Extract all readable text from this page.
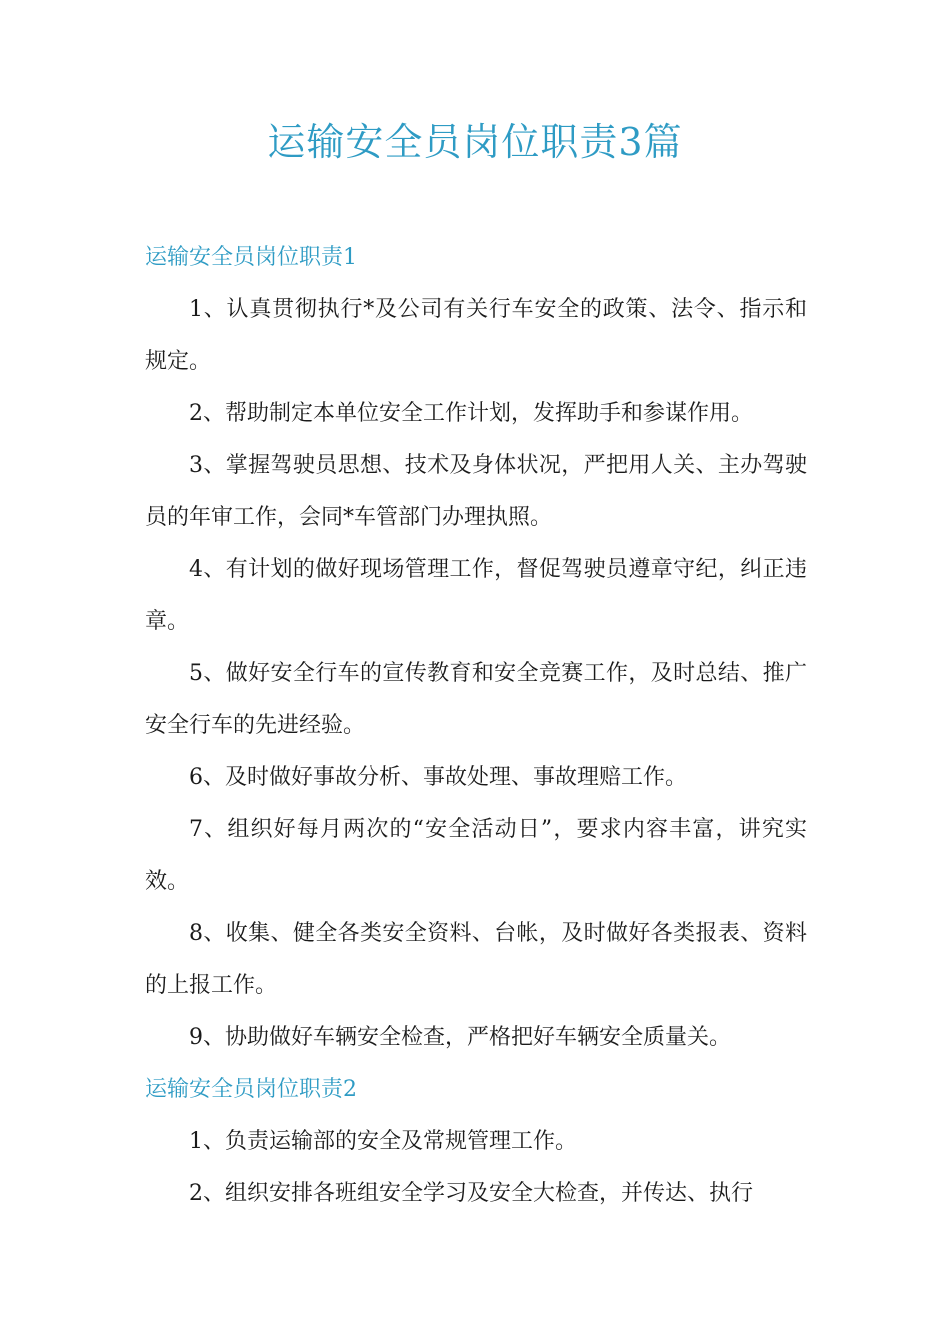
运输安全员岗位职责3篇

运输安全员岗位职责1

1、认真贯彻执行*及公司有关行车安全的政策、法令、指示和规定。

2、帮助制定本单位安全工作计划，发挥助手和参谋作用。

3、掌握驾驶员思想、技术及身体状况，严把用人关、主办驾驶员的年审工作，会同*车管部门办理执照。

4、有计划的做好现场管理工作，督促驾驶员遵章守纪，纠正违章。

5、做好安全行车的宣传教育和安全竞赛工作，及时总结、推广安全行车的先进经验。

6、及时做好事故分析、事故处理、事故理赔工作。

7、组织好每月两次的“安全活动日”，要求内容丰富，讲究实效。

8、收集、健全各类安全资料、台帐，及时做好各类报表、资料的上报工作。

9、协助做好车辆安全检查，严格把好车辆安全质量关。

运输安全员岗位职责2

1、负责运输部的安全及常规管理工作。

2、组织安排各班组安全学习及安全大检查，并传达、执行
